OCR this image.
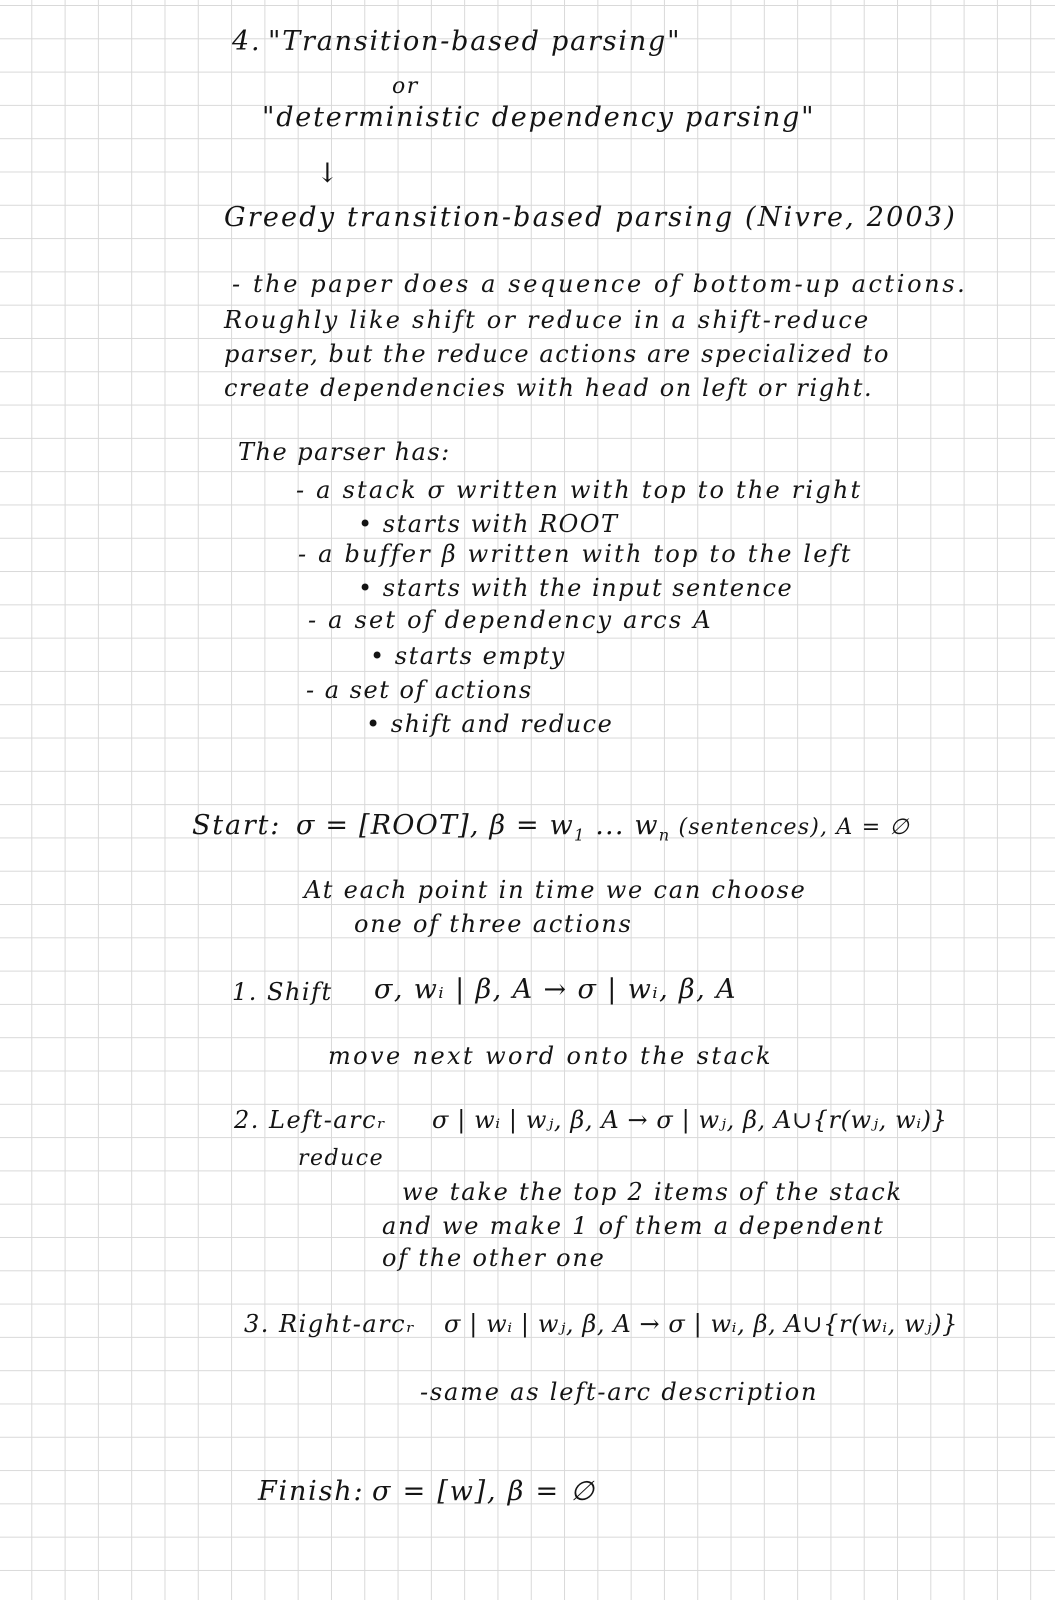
4. "Transition-based parsing"
or
"deterministic dependency parsing"
↓
Greedy transition-based parsing (Nivre, 2003)
- the paper does a sequence of bottom-up actions.
Roughly like shift or reduce in a shift-reduce
parser, but the reduce actions are specialized to
create dependencies with head on left or right.
The parser has:
- a stack σ written with top to the right
• starts with ROOT
- a buffer β written with top to the left
• starts with the input sentence
- a set of dependency arcs A
• starts empty
- a set of actions
• shift and reduce
Start: σ = [ROOT], $\beta = w_1$ ... $w_n$ (sentences), A = ∅
At each point in time we can choose
one of three actions
1. Shift σ, wᵢ | β, A → σ | wᵢ, β, A
move next word onto the stack
2. Left-arcᵣ
reduce
σ | wᵢ | wⱼ, β, A → σ | wⱼ, β, A∪{r(wⱼ, wᵢ)}
we take the top 2 items of the stack
and we make 1 of them a dependent
of the other one
3. Right-arcᵣ σ | wᵢ | wⱼ, β, A → σ | wᵢ, β, A∪{r(wᵢ, wⱼ)}
-same as left-arc description
Finish: σ = [w], β = ∅
